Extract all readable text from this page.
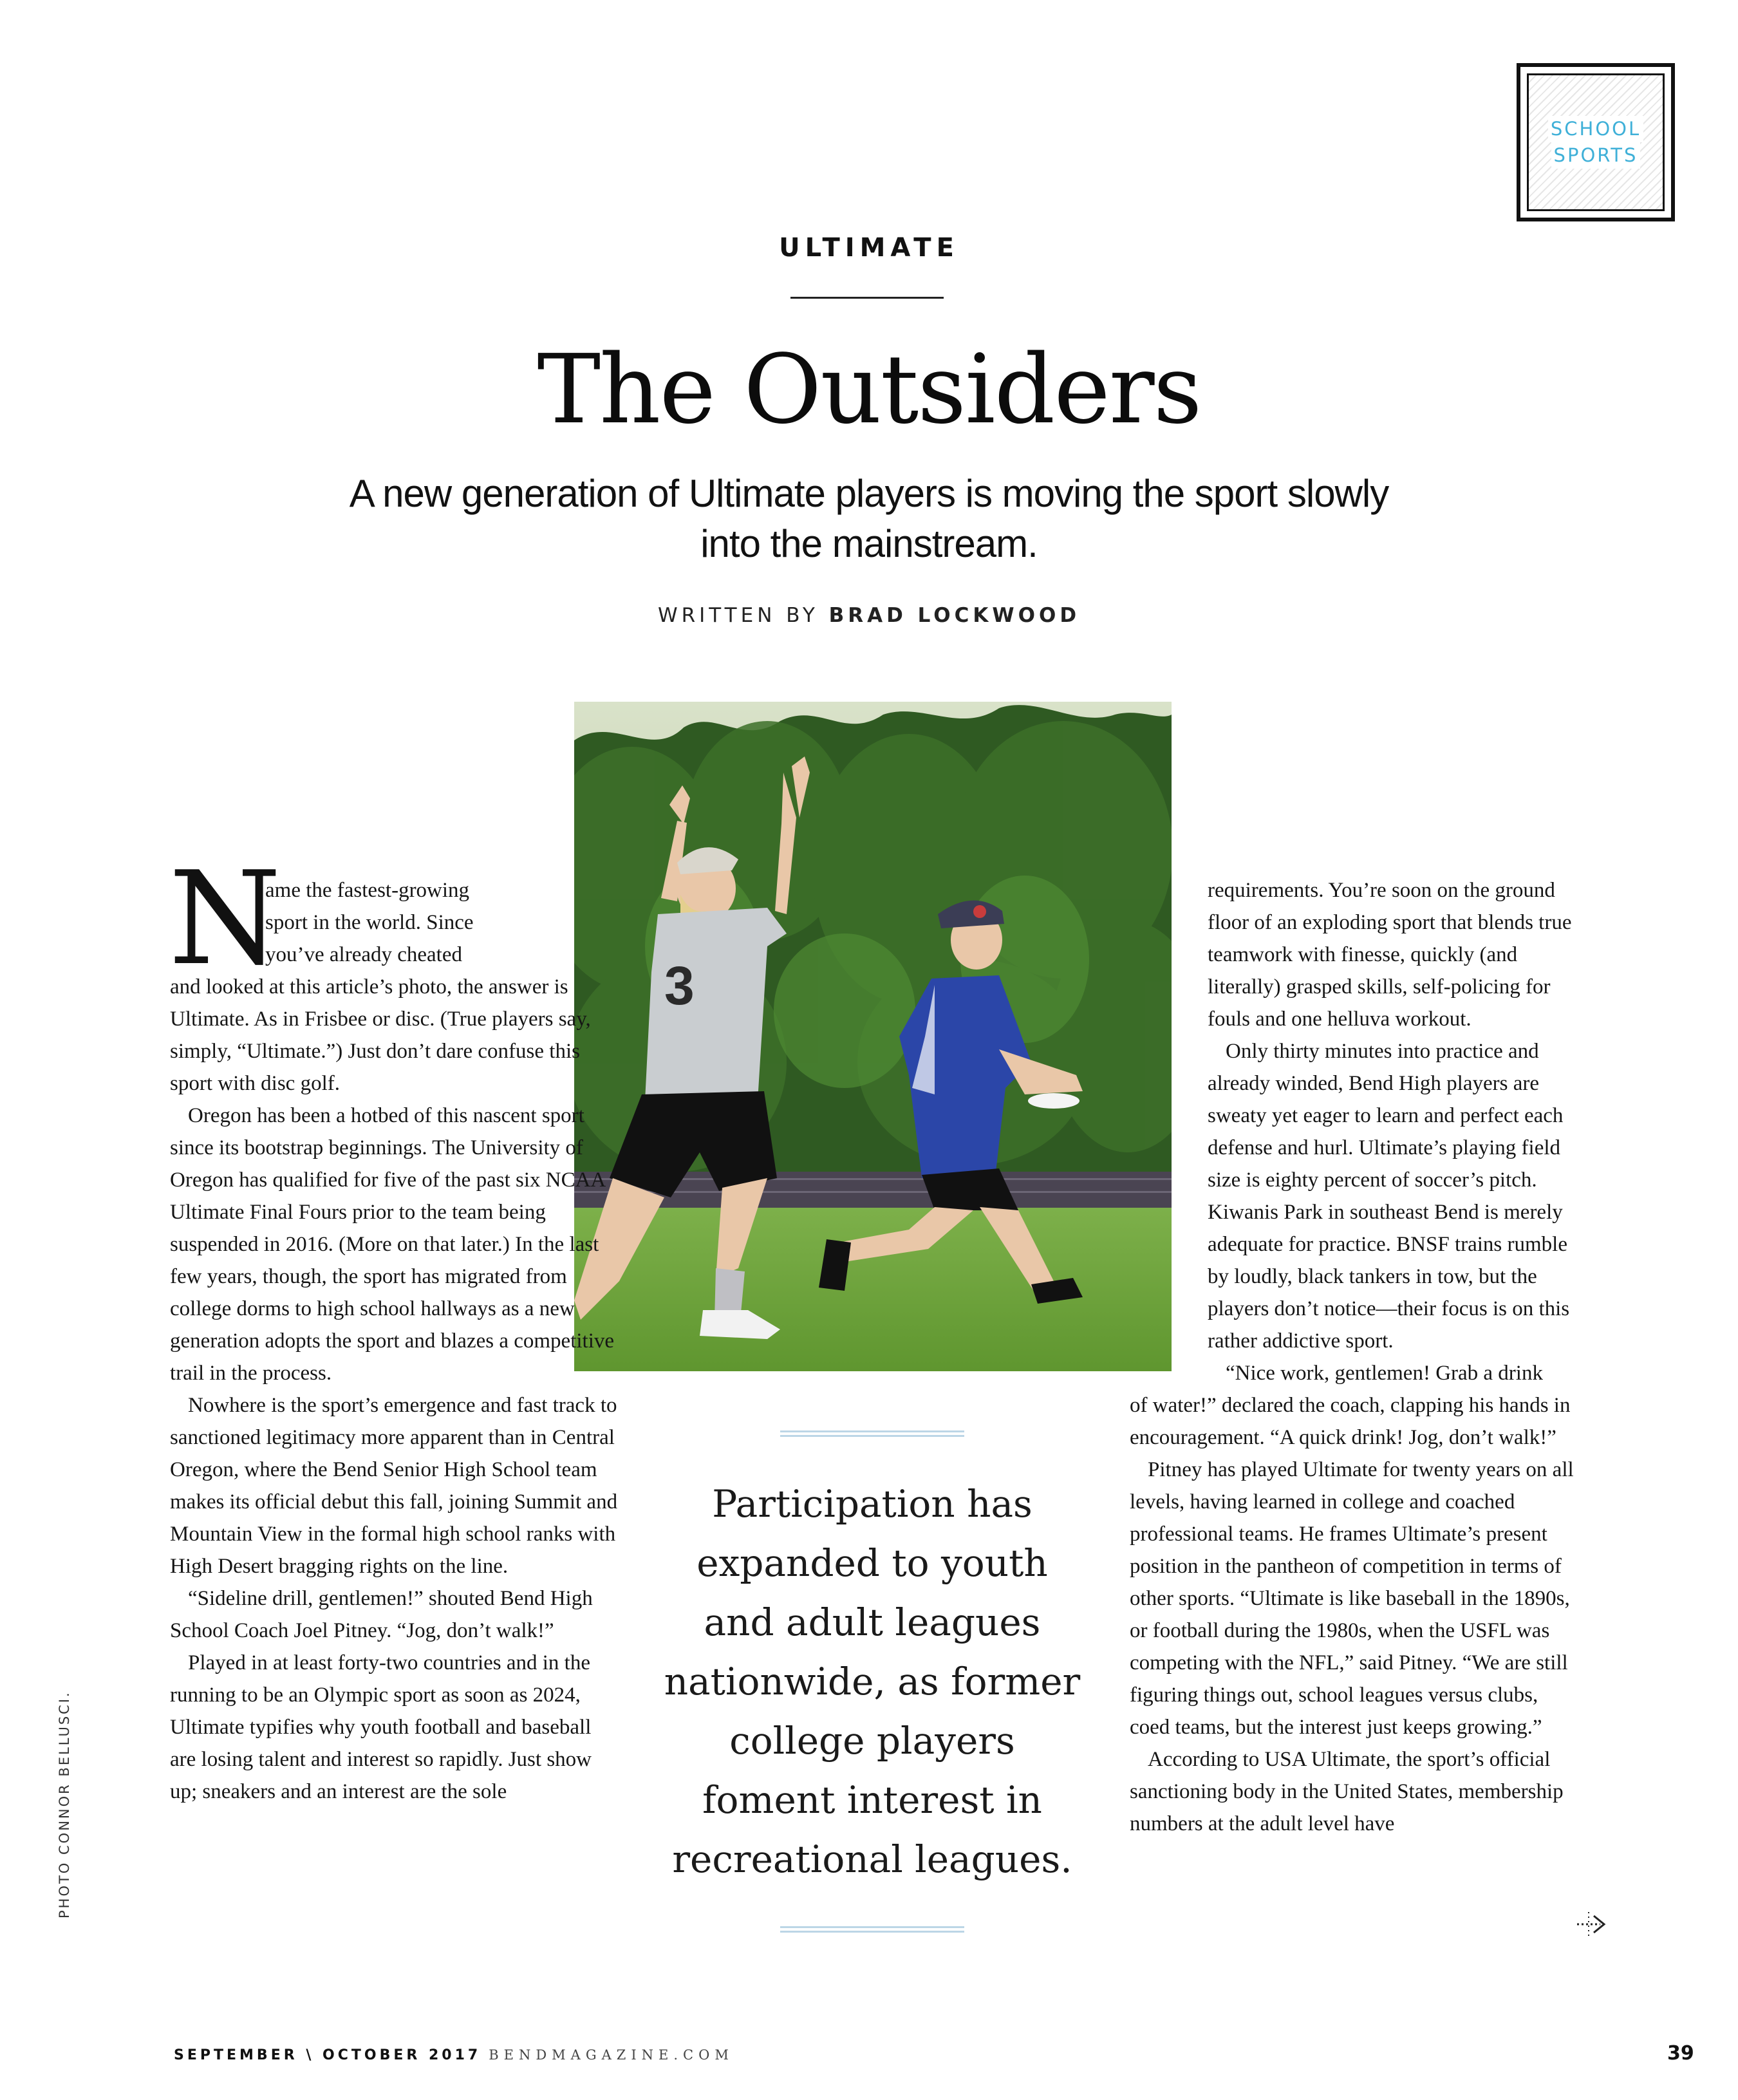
SCHOOL
SPORTS
ULTIMATE
The Outsiders
A new generation of Ultimate players is moving the sport slowly into the mainstream.
WRITTEN BY BRAD LOCKWOOD
3
N

ame the fastest-growing

sport in the world. Since

you’ve already cheated

and looked at this article’s photo, the answer is Ultimate. As in Frisbee or disc. (True players say, simply, “Ultimate.”) Just don’t dare confuse this sport with disc golf.

Oregon has been a hotbed of this nascent sport since its bootstrap beginnings. The University of Oregon has qualified for five of the past six NCAA Ultimate Final Fours prior to the team being suspended in 2016. (More on that later.) In the last few years, though, the sport has migrated from college dorms to high school hallways as a new generation adopts the sport and blazes a competitive trail in the process.

Nowhere is the sport’s emergence and fast track to sanctioned legitimacy more apparent than in Central Oregon, where the Bend Senior High School team makes its official debut this fall, joining Summit and Mountain View in the formal high school ranks with High Desert bragging rights on the line.

“Sideline drill, gentlemen!” shouted Bend High School Coach Joel Pitney. “Jog, don’t walk!”

Played in at least forty-two countries and in the running to be an Olympic sport as soon as 2024, Ultimate typifies why youth football and baseball are losing talent and interest so rapidly. Just show up; sneakers and an interest are the sole

requirements. You’re soon on the ground floor of an exploding sport that blends true teamwork with finesse, quickly (and literally) grasped skills, self-policing for fouls and one helluva workout.

Only thirty minutes into practice and already winded, Bend High players are sweaty yet eager to learn and perfect each defense and hurl. Ultimate’s playing field size is eighty percent of soccer’s pitch. Kiwanis Park in southeast Bend is merely adequate for practice. BNSF trains rumble by loudly, black tankers in tow, but the players don’t notice—their focus is on this rather addictive sport.

“Nice work, gentlemen! Grab a drink

of water!” declared the coach, clapping his hands in encouragement. “A quick drink! Jog, don’t walk!”

Pitney has played Ultimate for twenty years on all levels, having learned in college and coached professional teams. He frames Ultimate’s present position in the pantheon of competition in terms of other sports. “Ultimate is like baseball in the 1890s, or football during the 1980s, when the USFL was competing with the NFL,” said Pitney. “We are still figuring things out, school leagues versus clubs, coed teams, but the interest just keeps growing.”

According to USA Ultimate, the sport’s official sanctioning body in the United States, membership numbers at the adult level have

Participation has expanded to youth and adult leagues nationwide, as former college players foment interest in recreational leagues.
PHOTO CONNOR BELLUSCI.
SEPTEMBER \ OCTOBER 2017 BENDMAGAZINE.COM	39
